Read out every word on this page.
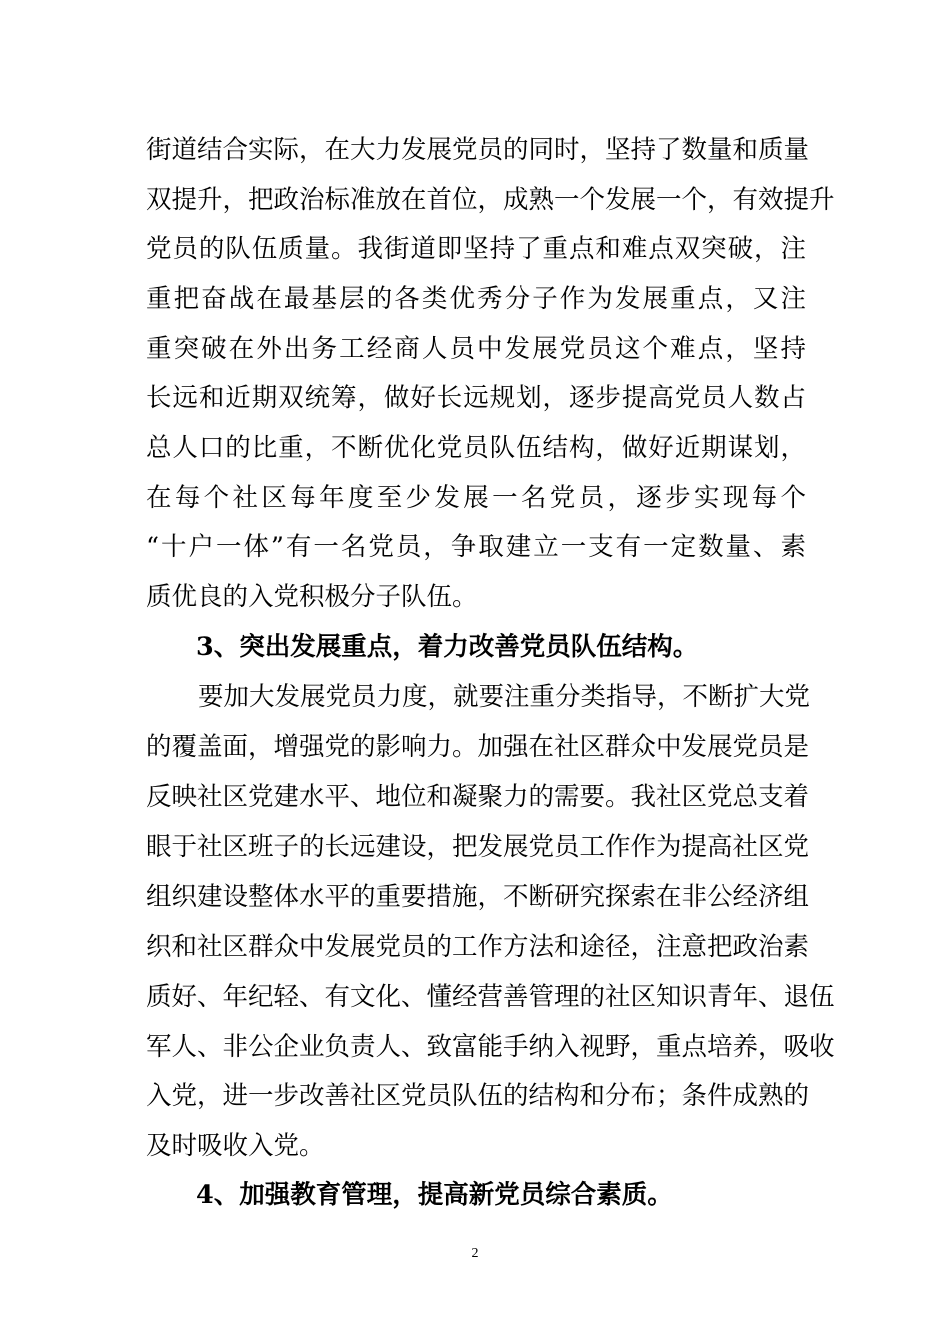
街道结合实际，在大力发展党员的同时，坚持了数量和质量
双提升，把政治标准放在首位，成熟一个发展一个，有效提升
党员的队伍质量。我街道即坚持了重点和难点双突破，注
重把奋战在最基层的各类优秀分子作为发展重点，又注
重突破在外出务工经商人员中发展党员这个难点，坚持
长远和近期双统筹，做好长远规划，逐步提高党员人数占
总人口的比重，不断优化党员队伍结构，做好近期谋划，
在每个社区每年度至少发展一名党员，逐步实现每个
“十户一体”有一名党员，争取建立一支有一定数量、素
质优良的入党积极分子队伍。
3、突出发展重点，着力改善党员队伍结构。
要加大发展党员力度，就要注重分类指导，不断扩大党
的覆盖面，增强党的影响力。加强在社区群众中发展党员是
反映社区党建水平、地位和凝聚力的需要。我社区党总支着
眼于社区班子的长远建设，把发展党员工作作为提高社区党
组织建设整体水平的重要措施，不断研究探索在非公经济组
织和社区群众中发展党员的工作方法和途径，注意把政治素
质好、年纪轻、有文化、懂经营善管理的社区知识青年、退伍
军人、非公企业负责人、致富能手纳入视野，重点培养，吸收
入党，进一步改善社区党员队伍的结构和分布；条件成熟的
及时吸收入党。
4、加强教育管理，提高新党员综合素质。
2
